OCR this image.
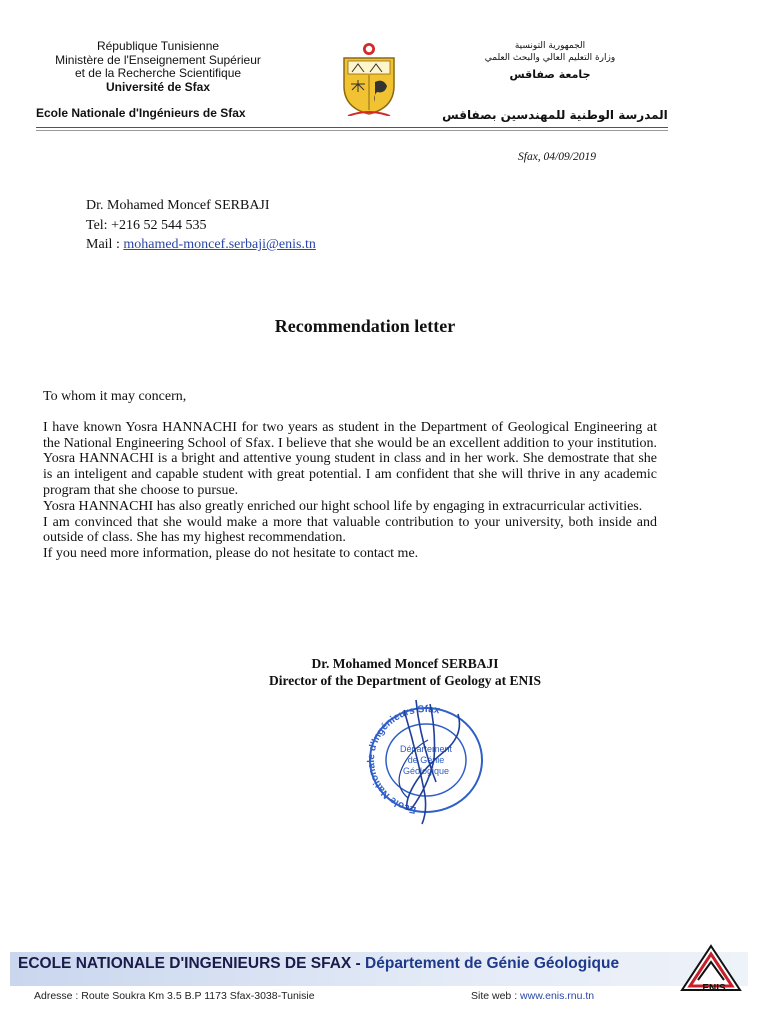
République Tunisienne
Ministère de l'Enseignement Supérieur
et de la Recherche Scientifique
Université de Sfax
Ecole Nationale d'Ingénieurs de Sfax
الجمهورية التونسية
وزارة التعليم العالي والبحث العلمي
جامعة صفاقس
المدرسة الوطنية للمهندسين بصفاقس
Sfax, 04/09/2019
Dr. Mohamed Moncef SERBAJI
Tel: +216 52 544 535
Mail : mohamed-moncef.serbaji@enis.tn
Recommendation letter

To whom it may concern,

I have known Yosra HANNACHI for two years as student in the Department of Geological Engineering at the National Engineering School of Sfax. I believe that she would be an excellent addition to your institution. Yosra HANNACHI is a bright and attentive young student in class and in her work. She demostrate that she is an inteligent and capable student with great potential. I am confident that she will thrive in any academic program that she choose to pursue.

Yosra HANNACHI has also greatly enriched our hight school life by engaging in extracurricular activities.

I am convinced that she would make a more that valuable contribution to your university, both inside and outside of class. She has my highest recommendation.

If you need more information, please do not hesitate to contact me.

Dr. Mohamed Moncef SERBAJI
Director of the Department of Geology at ENIS
Ecole Nationale d'Ingénieurs Sfax
Département
de Génie
Géologique
ECOLE NATIONALE D'INGENIEURS DE SFAX - Département de Génie Géologique
ENIS
Adresse : Route Soukra Km 3.5 B.P 1173 Sfax-3038-Tunisie	Site web : www.enis.rnu.tn
